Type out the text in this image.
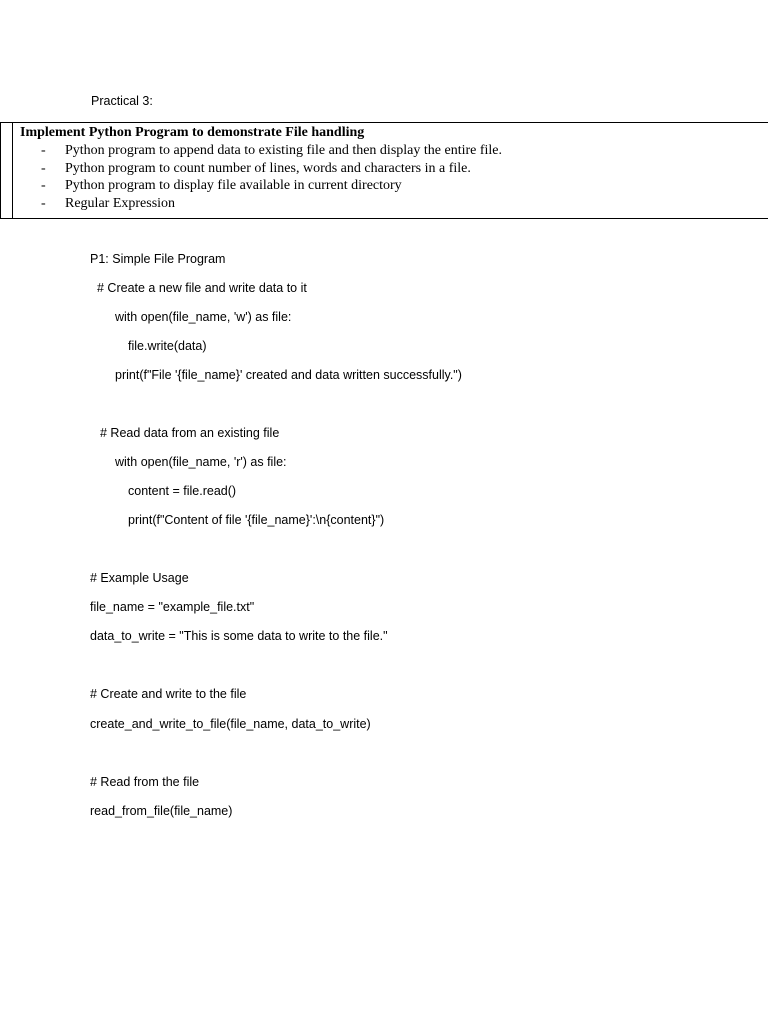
Practical 3:
Implement Python Program to demonstrate File handling
- Python program to append data to existing file and then display the entire file.
- Python program to count number of lines, words and characters in a file.
- Python program to display file available in current directory
- Regular Expression
P1: Simple File Program
# Create a new file and write data to it
with open(file_name, 'w') as file:
file.write(data)
print(f"File '{file_name}' created and data written successfully.")
# Read data from an existing file
with open(file_name, 'r') as file:
content = file.read()
print(f"Content of file '{file_name}':\n{content}")
# Example Usage
file_name = "example_file.txt"
data_to_write = "This is some data to write to the file."
# Create and write to the file
create_and_write_to_file(file_name, data_to_write)
# Read from the file
read_from_file(file_name)
